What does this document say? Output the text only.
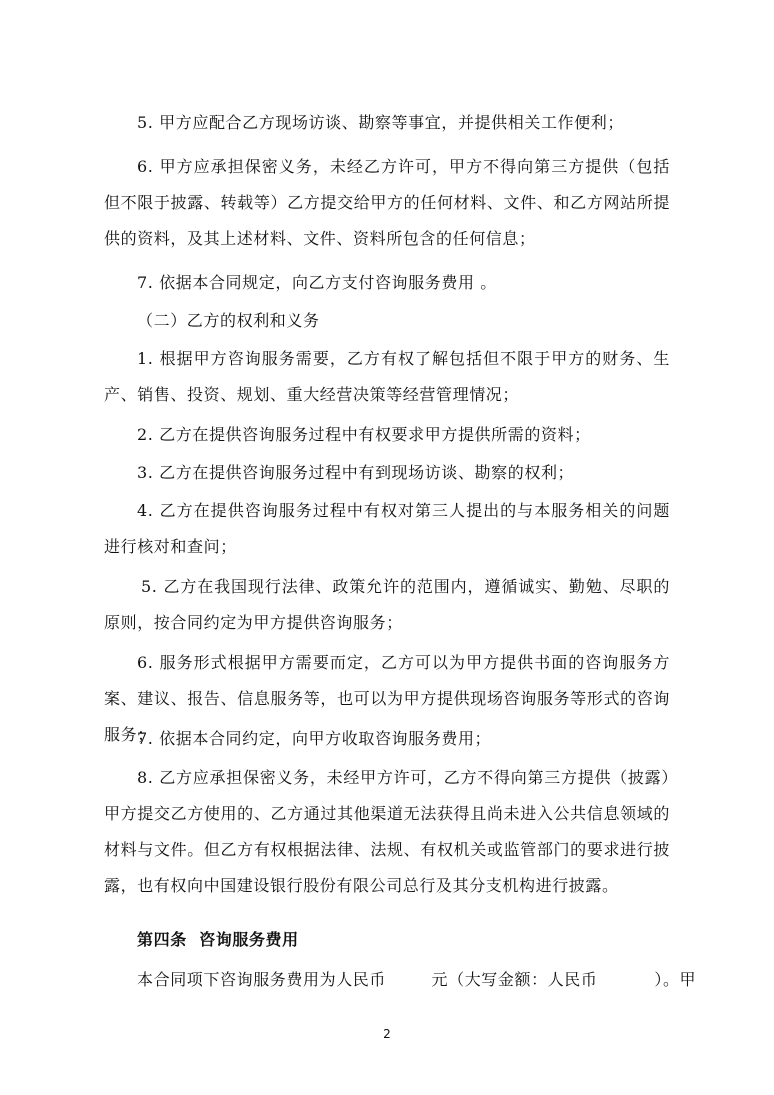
5. 甲方应配合乙方现场访谈、勘察等事宜，并提供相关工作便利；

6. 甲方应承担保密义务，未经乙方许可，甲方不得向第三方提供（包括但不限于披露、转载等）乙方提交给甲方的任何材料、文件、和乙方网站所提供的资料，及其上述材料、文件、资料所包含的任何信息；

7. 依据本合同规定，向乙方支付咨询服务费用 。

（二）乙方的权利和义务

1. 根据甲方咨询服务需要，乙方有权了解包括但不限于甲方的财务、生产、销售、投资、规划、重大经营决策等经营管理情况；

2. 乙方在提供咨询服务过程中有权要求甲方提供所需的资料；

3. 乙方在提供咨询服务过程中有到现场访谈、勘察的权利；

4. 乙方在提供咨询服务过程中有权对第三人提出的与本服务相关的问题进行核对和查问；

5. 乙方在我国现行法律、政策允许的范围内，遵循诚实、勤勉、尽职的原则，按合同约定为甲方提供咨询服务；

6. 服务形式根据甲方需要而定，乙方可以为甲方提供书面的咨询服务方案、建议、报告、信息服务等，也可以为甲方提供现场咨询服务等形式的咨询服务；

7. 依据本合同约定，向甲方收取咨询服务费用；

8. 乙方应承担保密义务，未经甲方许可，乙方不得向第三方提供（披露）甲方提交乙方使用的、乙方通过其他渠道无法获得且尚未进入公共信息领域的材料与文件。但乙方有权根据法律、法规、有权机关或监管部门的要求进行披露，也有权向中国建设银行股份有限公司总行及其分支机构进行披露。

第四条  咨询服务费用

本合同项下咨询服务费用为人民币        元（大写金额：人民币          ）。甲

2
